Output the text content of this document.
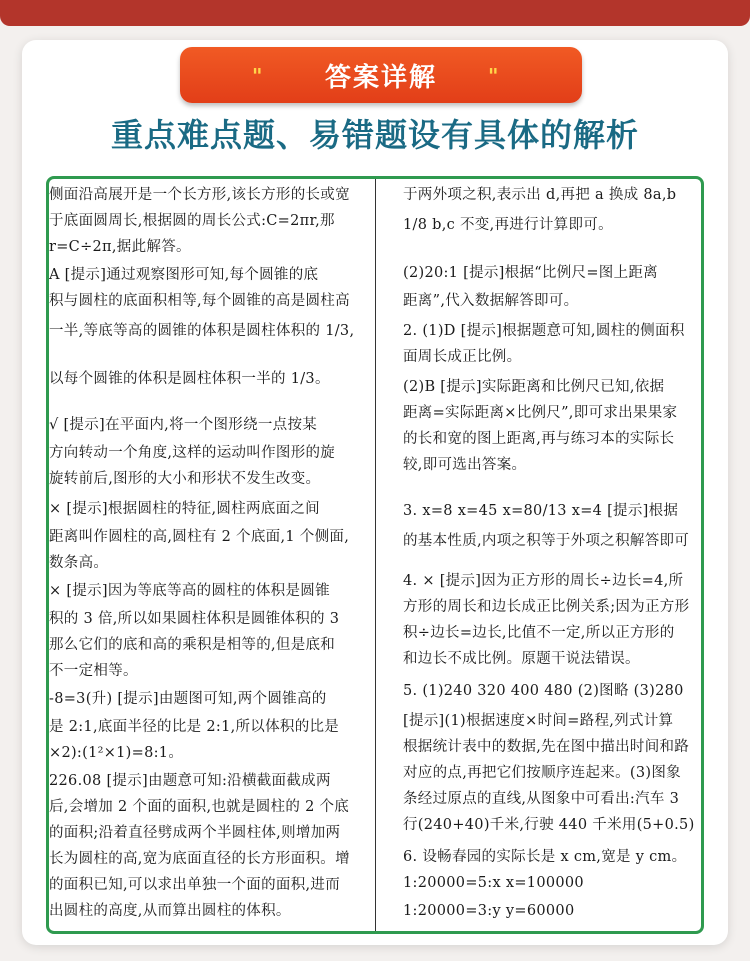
答案详解
"	"
重点难点题、易错题设有具体的解析
侧面沿高展开是一个长方形,该长方形的长或宽
于底面圆周长,根据圆的周长公式:C=2πr,那
r=C÷2π,据此解答。
A [提示]通过观察图形可知,每个圆锥的底
积与圆柱的底面积相等,每个圆锥的高是圆柱高
一半,等底等高的圆锥的体积是圆柱体积的 1/3,
以每个圆锥的体积是圆柱体积一半的 1/3。
√ [提示]在平面内,将一个图形绕一点按某
方向转动一个角度,这样的运动叫作图形的旋
旋转前后,图形的大小和形状不发生改变。
× [提示]根据圆柱的特征,圆柱两底面之间
距离叫作圆柱的高,圆柱有 2 个底面,1 个侧面,
数条高。
× [提示]因为等底等高的圆柱的体积是圆锥
积的 3 倍,所以如果圆柱体积是圆锥体积的 3
那么它们的底和高的乘积是相等的,但是底和
不一定相等。
-8=3(升) [提示]由题图可知,两个圆锥高的
是 2:1,底面半径的比是 2:1,所以体积的比是
×2):(1²×1)=8:1。
226.08 [提示]由题意可知:沿横截面截成两
后,会增加 2 个面的面积,也就是圆柱的 2 个底
的面积;沿着直径劈成两个半圆柱体,则增加两
长为圆柱的高,宽为底面直径的长方形面积。增
的面积已知,可以求出单独一个面的面积,进而
出圆柱的高度,从而算出圆柱的体积。
于两外项之积,表示出 d,再把 a 换成 8a,b
1/8 b,c 不变,再进行计算即可。
(2)20:1 [提示]根据“比例尺=图上距离
距离”,代入数据解答即可。
2. (1)D [提示]根据题意可知,圆柱的侧面积
面周长成正比例。
(2)B [提示]实际距离和比例尺已知,依据
距离=实际距离×比例尺”,即可求出果果家
的长和宽的图上距离,再与练习本的实际长
较,即可选出答案。
3. x=8 x=45 x=80/13 x=4 [提示]根据
的基本性质,内项之积等于外项之积解答即可
4. × [提示]因为正方形的周长÷边长=4,所
方形的周长和边长成正比例关系;因为正方形
积÷边长=边长,比值不一定,所以正方形的
和边长不成比例。原题干说法错误。
5. (1)240 320 400 480 (2)图略 (3)280
[提示](1)根据速度×时间=路程,列式计算
根据统计表中的数据,先在图中描出时间和路
对应的点,再把它们按顺序连起来。(3)图象
条经过原点的直线,从图象中可看出:汽车 3
行(240+40)千米,行驶 440 千米用(5+0.5)
6. 设畅春园的实际长是 x cm,宽是 y cm。
1:20000=5:x x=100000
1:20000=3:y y=60000
